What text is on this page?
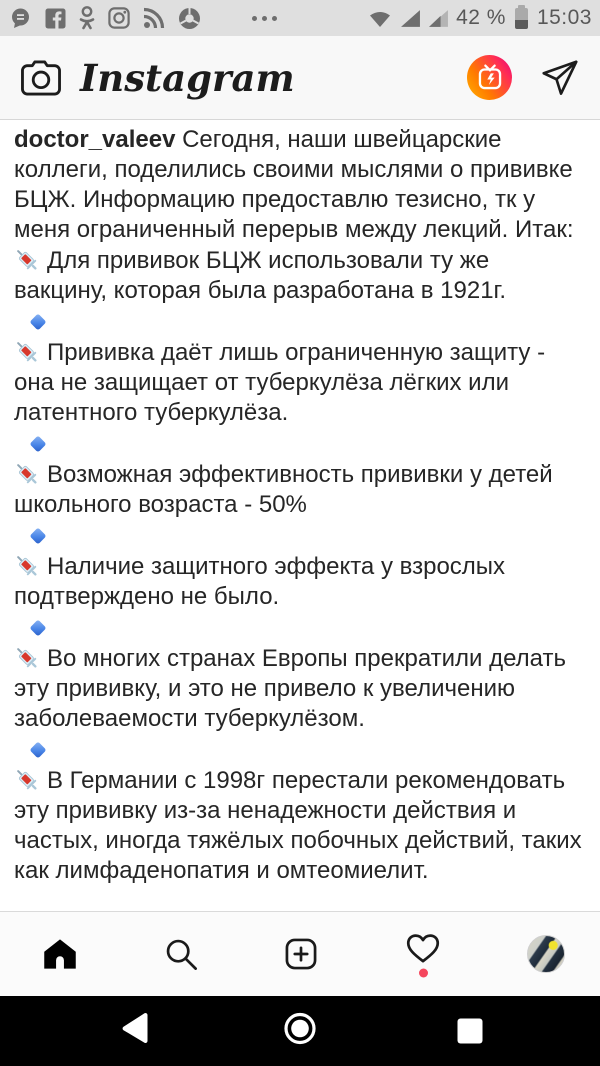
42 % 15:03
Instagram

doctor_valeev Сегодня, наши швейцарские коллеги, поделились своими мыслями о прививке БЦЖ. Информацию предоставлю тезисно, тк у меня ограниченный перерыв между лекций. Итак:

Для прививок БЦЖ использовали ту же вакцину, которая была разработана в 1921г.

Прививка даёт лишь ограниченную защиту - она не защищает от туберкулёза лёгких или латентного туберкулёза.

Возможная эффективность прививки у детей школьного возраста - 50%

Наличие защитного эффекта у взрослых подтверждено не было.

Во многих странах Европы прекратили делать эту прививку, и это не привело к увеличению заболеваемости туберкулёзом.

В Германии с 1998г перестали рекомендовать эту прививку из-за ненадежности действия и частых, иногда тяжёлых побочных действий, таких как лимфаденопатия и омтеомиелит.
